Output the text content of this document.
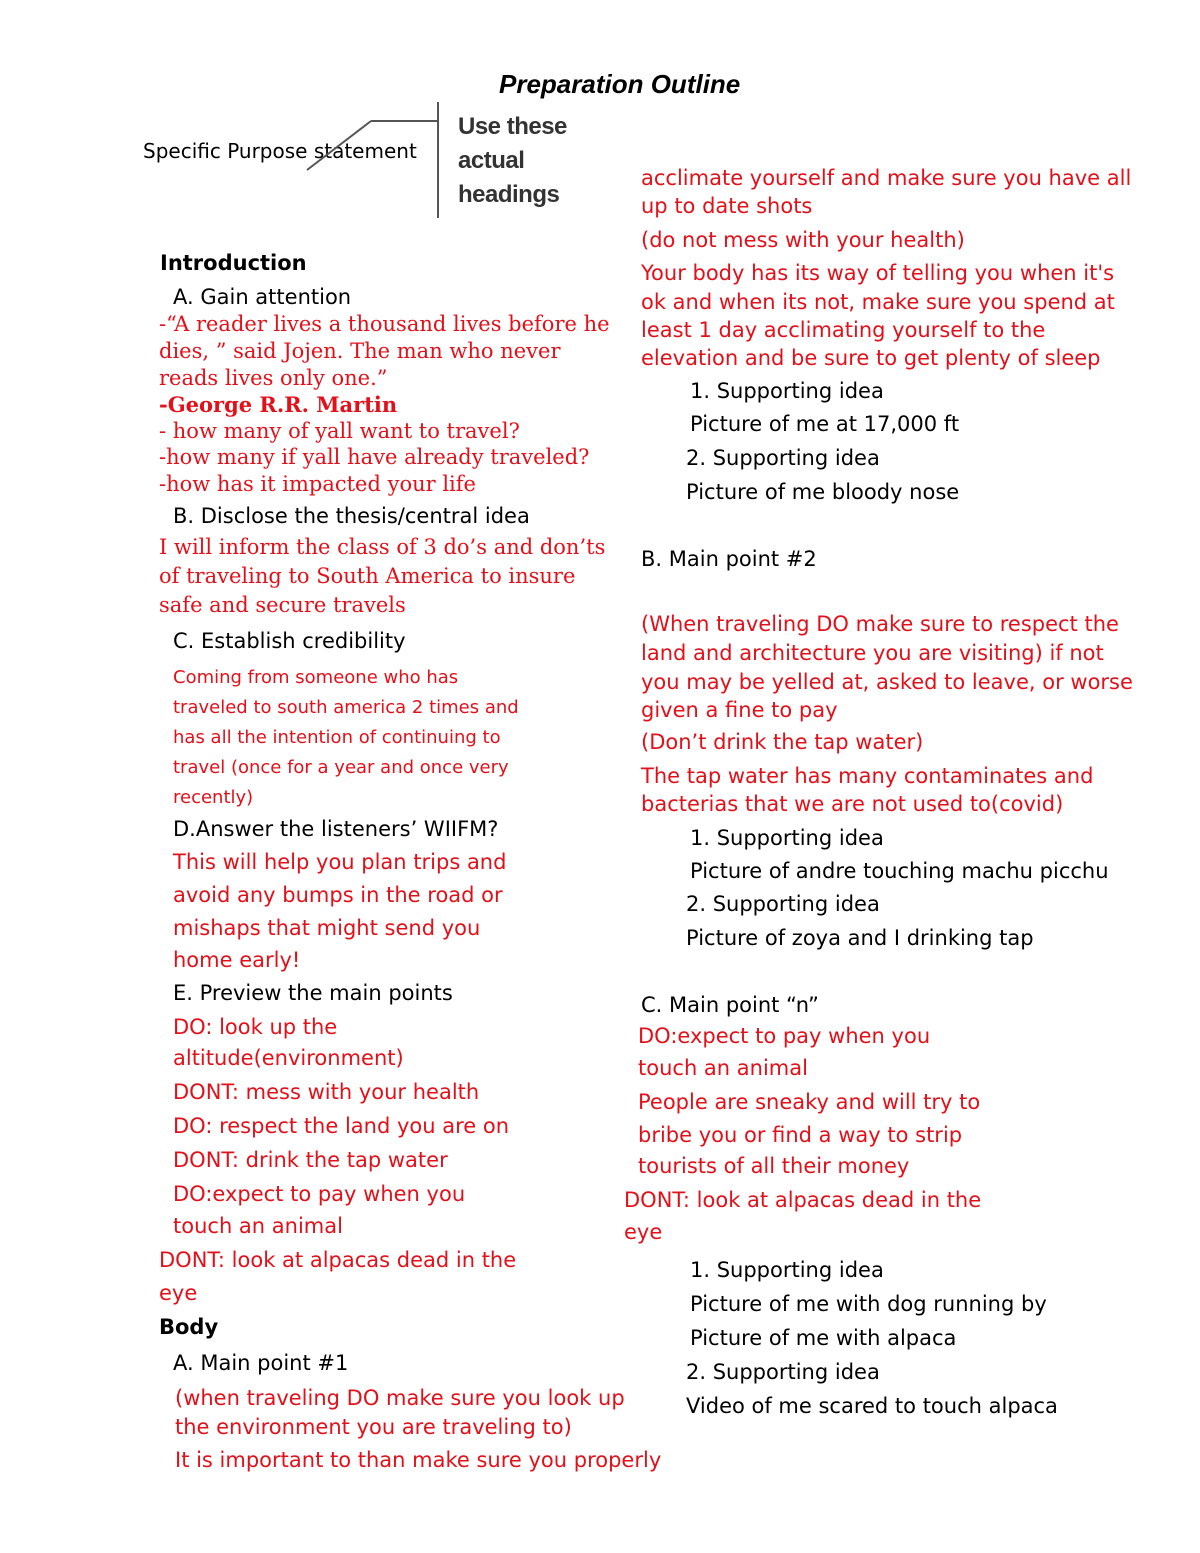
Preparation Outline
Specific Purpose statement
Use these
actual
headings
Introduction
A. Gain attention
-“A reader lives a thousand lives before he
dies, ” said Jojen. The man who never
reads lives only one.”
-George R.R. Martin
- how many of yall want to travel?
-how many if yall have already traveled?
-how has it impacted your life
B. Disclose the thesis/central idea
I will inform the class of 3 do’s and don’ts
of traveling to South America to insure
safe and secure travels
C. Establish credibility
Coming from someone who has
traveled to south america 2 times and
has all the intention of continuing to
travel (once for a year and once very
recently)
D.Answer the listeners’ WIIFM?
This will help you plan trips and
avoid any bumps in the road or
mishaps that might send you
home early!
E. Preview the main points
DO: look up the
altitude(environment)
DONT: mess with your health
DO: respect the land you are on
DONT: drink the tap water
DO:expect to pay when you
touch an animal
DONT: look at alpacas dead in the
eye
Body
A. Main point #1
(when traveling DO make sure you look up
the environment you are traveling to)
It is important to than make sure you properly
acclimate yourself and make sure you have all
up to date shots
(do not mess with your health)
Your body has its way of telling you when it's
ok and when its not, make sure you spend at
least 1 day acclimating yourself to the
elevation and be sure to get plenty of sleep
1. Supporting idea
Picture of me at 17,000 ft
2. Supporting idea
Picture of me bloody nose
B. Main point #2
(When traveling DO make sure to respect the
land and architecture you are visiting) if not
you may be yelled at, asked to leave, or worse
given a fine to pay
(Don’t drink the tap water)
The tap water has many contaminates and
bacterias that we are not used to(covid)
1. Supporting idea
Picture of andre touching machu picchu
2. Supporting idea
Picture of zoya and I drinking tap
C. Main point “n”
DO:expect to pay when you
touch an animal
People are sneaky and will try to
bribe you or find a way to strip
tourists of all their money
DONT: look at alpacas dead in the
eye
1. Supporting idea
Picture of me with dog running by
Picture of me with alpaca
2. Supporting idea
Video of me scared to touch alpaca
